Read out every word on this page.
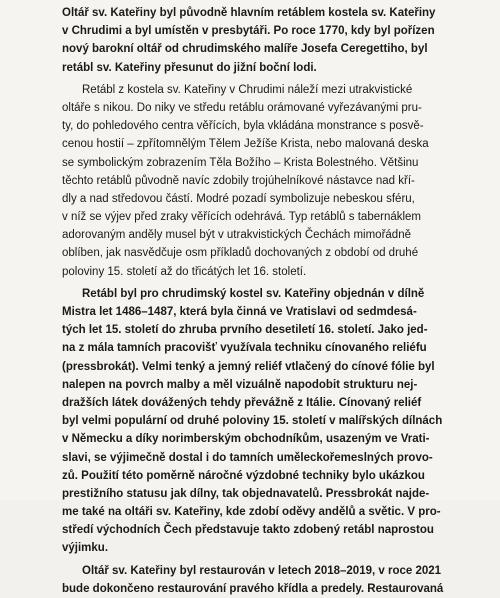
Oltář sv. Kateřiny byl původně hlavním retáblem kostela sv. Kateřiny
v Chrudimi a byl umístěn v presbytáři. Po roce 1770, kdy byl pořízen
nový barokní oltář od chrudimského malíře Josefa Ceregettiho, byl
retábl sv. Kateřiny přesunut do jižní boční lodi.
Retábl z kostela sv. Kateřiny v Chrudimi náleží mezi utrakvistické
oltáře s nikou. Do niky ve středu retáblu orámované vyřezávanými pru-
ty, do pohledového centra věřících, byla vkládána monstrance s posvě-
cenou hostií – zpřítomnělým Tělem Ježíše Krista, nebo malovaná deska
se symbolickým zobrazením Těla Božího – Krista Bolestného. Většinu
těchto retáblů původně navíc zdobily trojúhelníkové nástavce nad kří-
dly a nad středovou částí. Modré pozadí symbolizuje nebeskou sféru,
v níž se výjev před zraky věřících odehrává. Typ retáblů s tabernáklem
adorovaným anděly musel být v utrakvistických Čechách mimořádně
oblíben, jak nasvědčuje osm příkladů dochovaných z období od druhé
poloviny 15. století až do třicátých let 16. století.
Retábl byl pro chrudimský kostel sv. Kateřiny objednán v dílně
Mistra let 1486–1487, která byla činná ve Vratislavi od sedmdesá-
tých let 15. století do zhruba prvního desetiletí 16. století. Jako jed-
na z mála tamních pracovišť využívala techniku cínovaného reliéfu
(pressbrokát). Velmi tenký a jemný reliéf vtlačený do cínové fólie byl
nalepen na povrch malby a měl vizuálně napodobit strukturu nej-
dražších látek dovážených tehdy převážně z Itálie. Cínovaný reliéf
byl velmi populární od druhé poloviny 15. století v malířských dílnách
v Německu a díky norimberským obchodníkům, usazeným ve Vrati-
slavi, se výjimečně dostal i do tamních uměleckořemeslných provo-
zů. Použití této poměrně náročné výzdobné techniky bylo ukázkou
prestižního statusu jak dílny, tak objednavatelů. Pressbrokát najde-
me také na oltáři sv. Kateřiny, kde zdobí oděvy andělů a světic. V pro-
středí východních Čech představuje takto zdobený retábl naprostou
výjimku.
Oltář sv. Kateřiny byl restaurován v letech 2018–2019, v roce 2021
bude dokončeno restaurování pravého křídla a predely. Restaurovaná
